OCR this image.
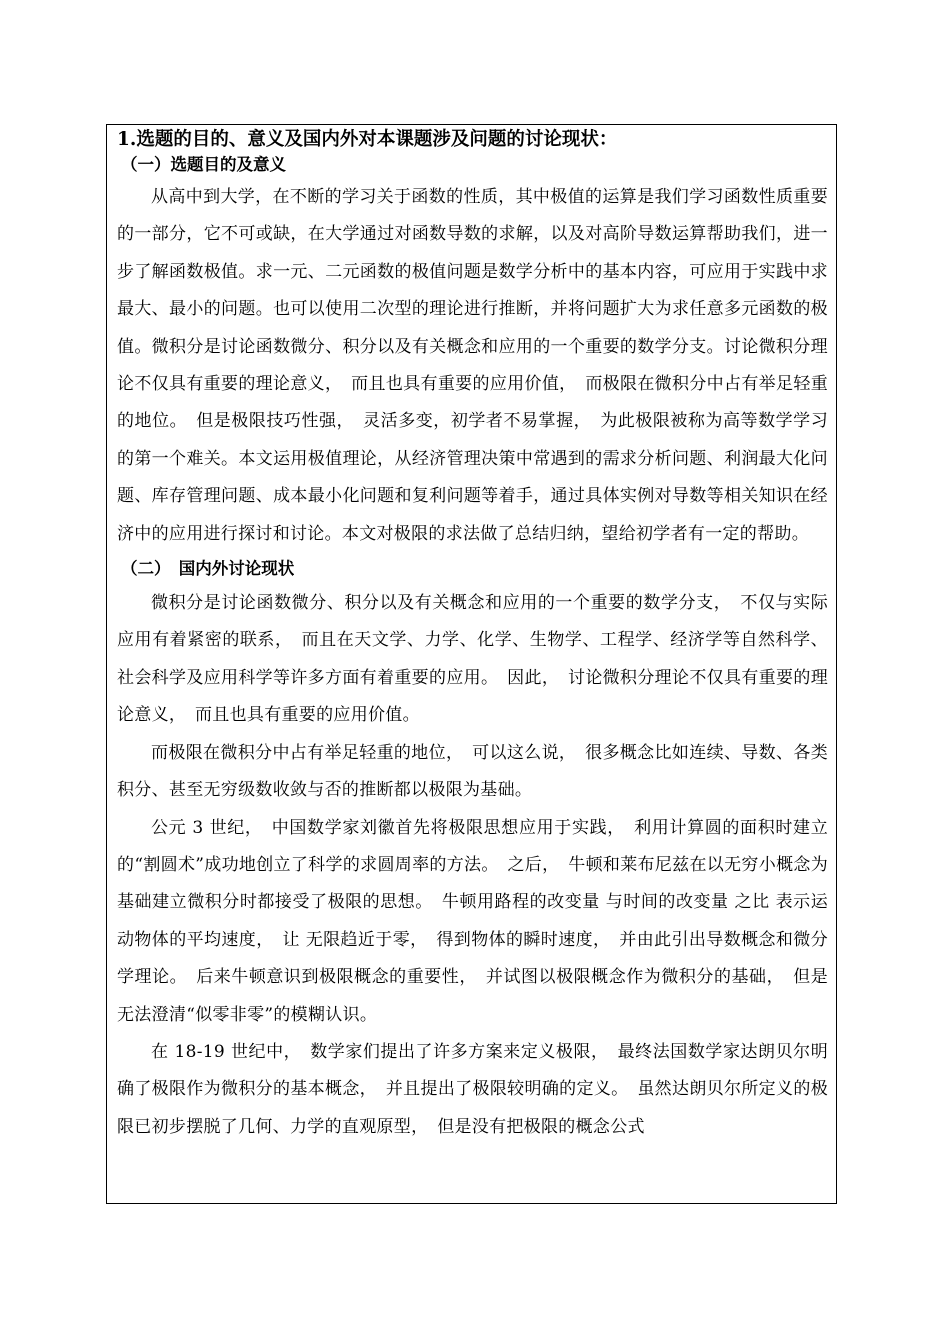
1.选题的目的、意义及国内外对本课题涉及问题的讨论现状：
（一）选题目的及意义

从高中到大学，在不断的学习关于函数的性质，其中极值的运算是我们学习函数性质重要的一部分，它不可或缺，在大学通过对函数导数的求解，以及对高阶导数运算帮助我们，进一步了解函数极值。求一元、二元函数的极值问题是数学分析中的基本内容，可应用于实践中求最大、最小的问题。也可以使用二次型的理论进行推断，并将问题扩大为求任意多元函数的极值。微积分是讨论函数微分、积分以及有关概念和应用的一个重要的数学分支。讨论微积分理论不仅具有重要的理论意义，　而且也具有重要的应用价值，　而极限在微积分中占有举足轻重的地位。　但是极限技巧性强，　灵活多变，初学者不易掌握，　为此极限被称为高等数学学习的第一个难关。本文运用极值理论，从经济管理决策中常遇到的需求分析问题、利润最大化问题、库存管理问题、成本最小化问题和复利问题等着手，通过具体实例对导数等相关知识在经济中的应用进行探讨和讨论。本文对极限的求法做了总结归纳，望给初学者有一定的帮助。

（二）　国内外讨论现状

微积分是讨论函数微分、积分以及有关概念和应用的一个重要的数学分支，　不仅与实际应用有着紧密的联系，　而且在天文学、力学、化学、生物学、工程学、经济学等自然科学、社会科学及应用科学等许多方面有着重要的应用。　因此，　讨论微积分理论不仅具有重要的理论意义，　而且也具有重要的应用价值。

而极限在微积分中占有举足轻重的地位，　可以这么说，　很多概念比如连续、导数、各类积分、甚至无穷级数收敛与否的推断都以极限为基础。

公元 3 世纪，　中国数学家刘徽首先将极限思想应用于实践，　利用计算圆的面积时建立的“割圆术”成功地创立了科学的求圆周率的方法。　之后，　牛顿和莱布尼兹在以无穷小概念为基础建立微积分时都接受了极限的思想。　牛顿用路程的改变量 与时间的改变量 之比 表示运动物体的平均速度，　让 无限趋近于零，　得到物体的瞬时速度，　并由此引出导数概念和微分学理论。　后来牛顿意识到极限概念的重要性，　并试图以极限概念作为微积分的基础，　但是无法澄清“似零非零”的模糊认识。

在 18-19 世纪中，　数学家们提出了许多方案来定义极限，　最终法国数学家达朗贝尔明确了极限作为微积分的基本概念，　并且提出了极限较明确的定义。　虽然达朗贝尔所定义的极限已初步摆脱了几何、力学的直观原型，　但是没有把极限的概念公式
